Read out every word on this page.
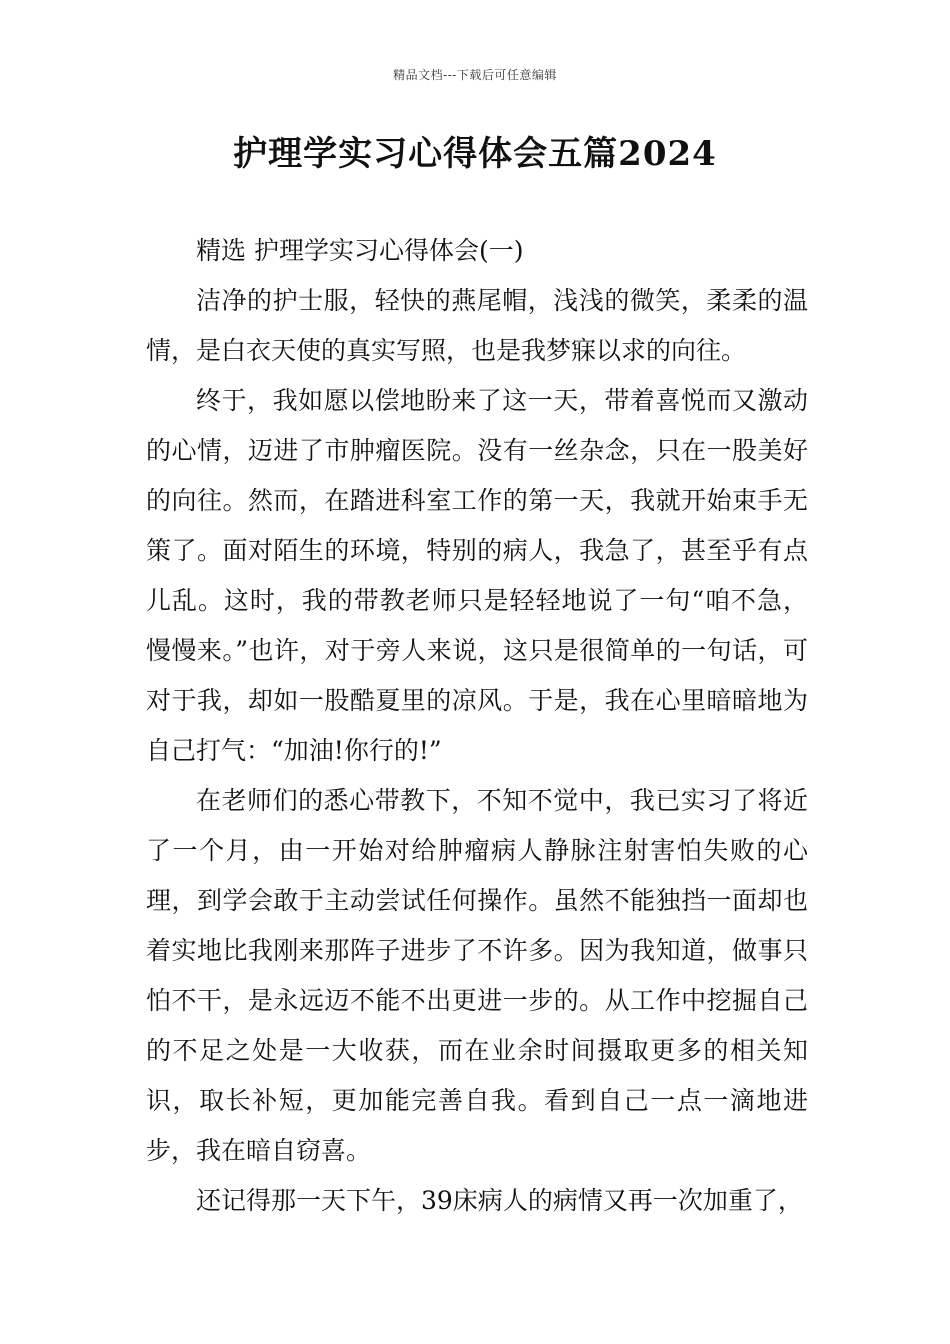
精品文档---下载后可任意编辑
护理学实习心得体会五篇2024

精选 护理学实习心得体会(一)

洁净的护士服，轻快的燕尾帽，浅浅的微笑，柔柔的温情，是白衣天使的真实写照，也是我梦寐以求的向往。

终于，我如愿以偿地盼来了这一天，带着喜悦而又激动的心情，迈进了市肿瘤医院。没有一丝杂念，只在一股美好的向往。然而，在踏进科室工作的第一天，我就开始束手无策了。面对陌生的环境，特别的病人，我急了，甚至乎有点儿乱。这时，我的带教老师只是轻轻地说了一句“咱不急，慢慢来。”也许，对于旁人来说，这只是很简单的一句话，可对于我，却如一股酷夏里的凉风。于是，我在心里暗暗地为自己打气：“加油!你行的!”

在老师们的悉心带教下，不知不觉中，我已实习了将近了一个月，由一开始对给肿瘤病人静脉注射害怕失败的心理，到学会敢于主动尝试任何操作。虽然不能独挡一面却也着实地比我刚来那阵子进步了不许多。因为我知道，做事只怕不干，是永远迈不能不出更进一步的。从工作中挖掘自己的不足之处是一大收获，而在业余时间摄取更多的相关知识，取长补短，更加能完善自我。看到自己一点一滴地进步，我在暗自窃喜。

还记得那一天下午，39床病人的病情又再一次加重了，
